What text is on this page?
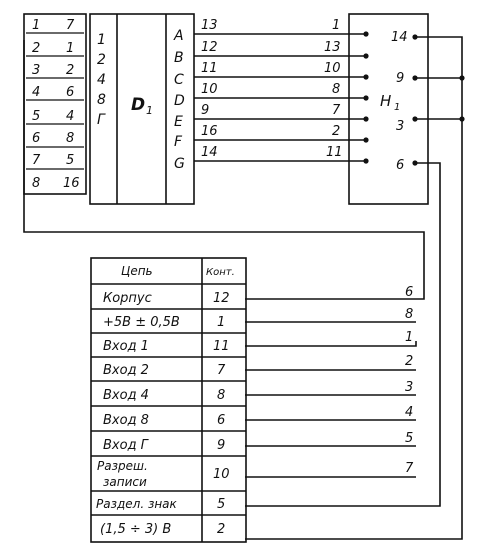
1
2
3
4
5
6
7
8
7
1
2
6
4
8
5
16
1
2
4
8
Г
D 1
A
B
C
D
E
F
G
13
12
11
10
9
16
14
1
13
10
8
7
2
11
H 1
14
9
3
6
Цепь	Конт.
Корпус
+5В ± 0,5В
Вход 1
Вход 2
Вход 4
Вход 8
Вход Г
Разреш.
записи
Раздел. знак
(1,5 ÷ 3) В
12
1
11
7
8
6
9
10
5
2
6
8
1
2
3
4
5
7
